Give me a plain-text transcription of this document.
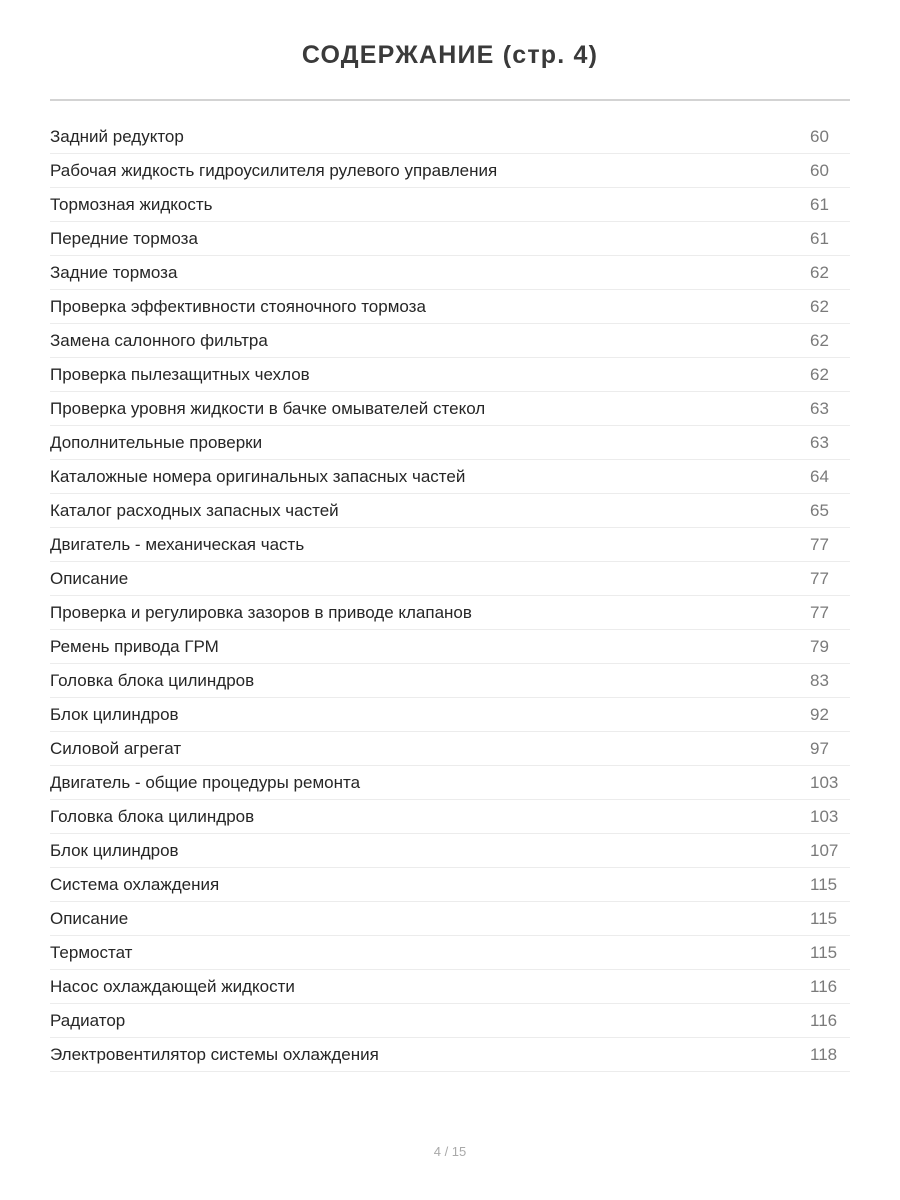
СОДЕРЖАНИЕ (стр. 4)
Задний редуктор	60
Рабочая жидкость гидроусилителя рулевого управления	60
Тормозная жидкость	61
Передние тормоза	61
Задние тормоза	62
Проверка эффективности стояночного тормоза	62
Замена салонного фильтра	62
Проверка пылезащитных чехлов	62
Проверка уровня жидкости в бачке омывателей стекол	63
Дополнительные проверки	63
Каталожные номера оригинальных запасных частей	64
Каталог расходных запасных частей	65
Двигатель - механическая часть	77
Описание	77
Проверка и регулировка зазоров в приводе клапанов	77
Ремень привода ГРМ	79
Головка блока цилиндров	83
Блок цилиндров	92
Силовой агрегат	97
Двигатель - общие процедуры ремонта	103
Головка блока цилиндров	103
Блок цилиндров	107
Система охлаждения	115
Описание	115
Термостат	115
Насос охлаждающей жидкости	116
Радиатор	116
Электровентилятор системы охлаждения	118
4 / 15
